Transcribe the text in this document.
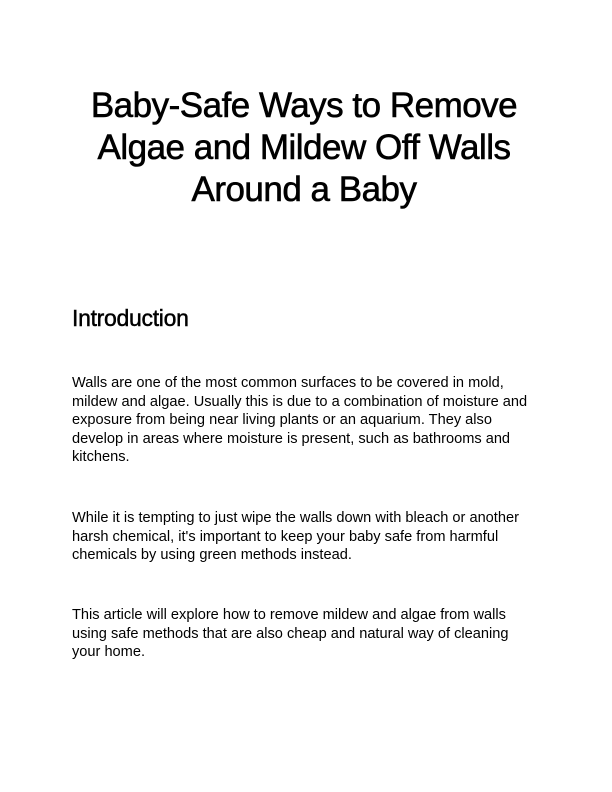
Baby-Safe Ways to Remove Algae and Mildew Off Walls Around a Baby
Introduction

Walls are one of the most common surfaces to be covered in mold, mildew and algae. Usually this is due to a combination of moisture and exposure from being near living plants or an aquarium. They also develop in areas where moisture is present, such as bathrooms and kitchens.

While it is tempting to just wipe the walls down with bleach or another harsh chemical, it's important to keep your baby safe from harmful chemicals by using green methods instead.

This article will explore how to remove mildew and algae from walls using safe methods that are also cheap and natural way of cleaning your home.
